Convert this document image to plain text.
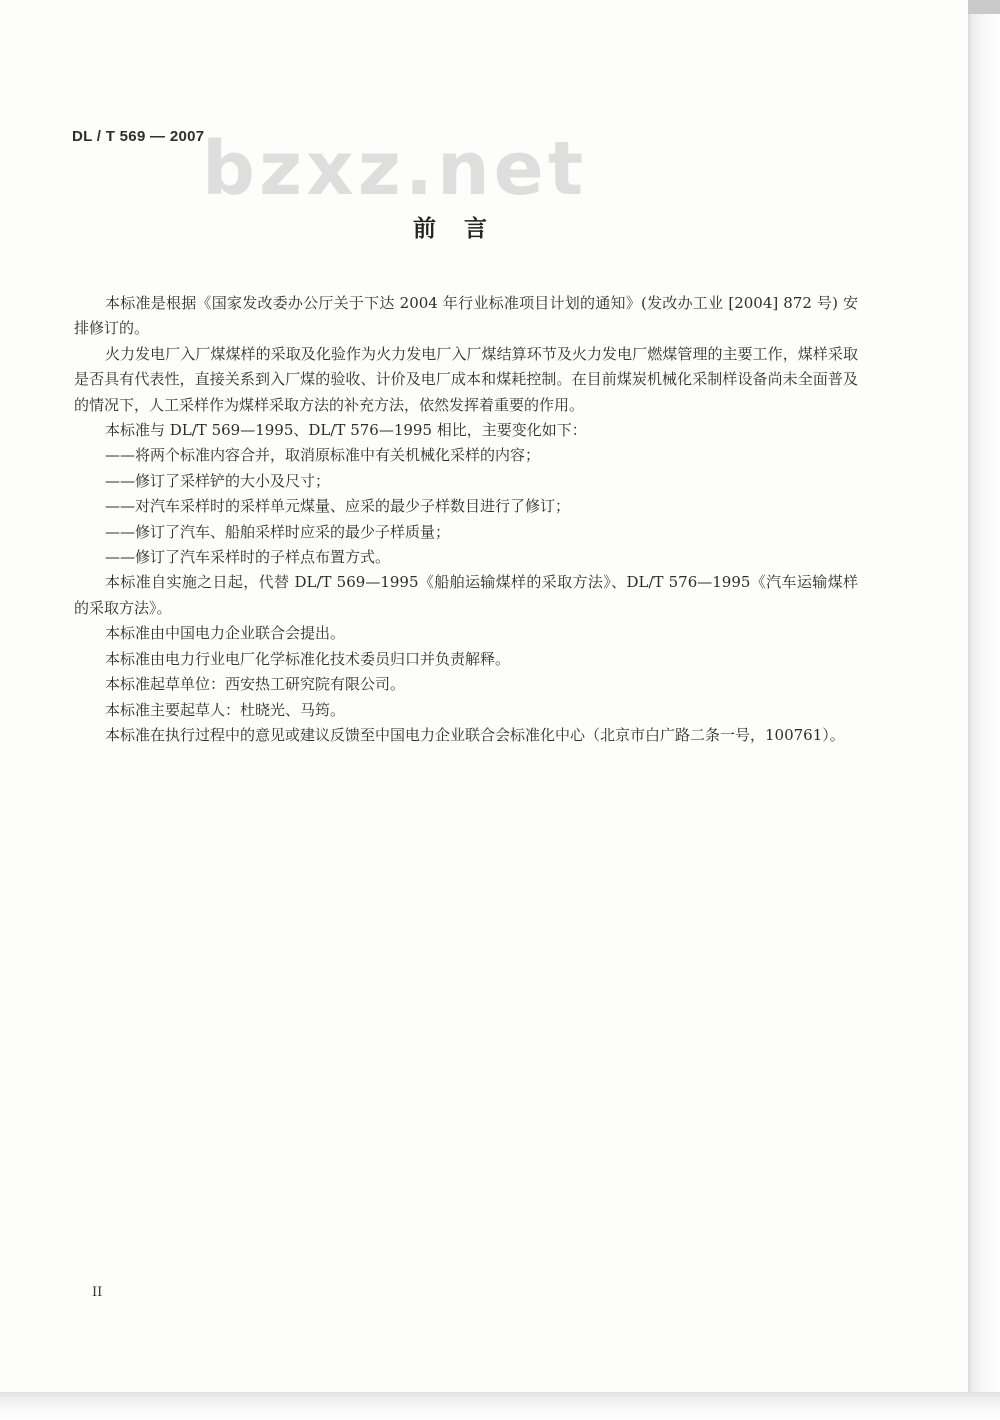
DL / T 569 — 2007
bzxz.net
前言

本标准是根据《国家发改委办公厅关于下达 2004 年行业标准项目计划的通知》(发改办工业 [2004] 872 号) 安排修订的。

火力发电厂入厂煤煤样的采取及化验作为火力发电厂入厂煤结算环节及火力发电厂燃煤管理的主要工作，煤样采取是否具有代表性，直接关系到入厂煤的验收、计价及电厂成本和煤耗控制。在目前煤炭机械化采制样设备尚未全面普及的情况下，人工采样作为煤样采取方法的补充方法，依然发挥着重要的作用。

本标准与 DL/T 569—1995、DL/T 576—1995 相比，主要变化如下：

——将两个标准内容合并，取消原标准中有关机械化采样的内容；

——修订了采样铲的大小及尺寸；

——对汽车采样时的采样单元煤量、应采的最少子样数目进行了修订；

——修订了汽车、船舶采样时应采的最少子样质量；

——修订了汽车采样时的子样点布置方式。

本标准自实施之日起，代替 DL/T 569—1995《船舶运输煤样的采取方法》、DL/T 576—1995《汽车运输煤样的采取方法》。

本标准由中国电力企业联合会提出。

本标准由电力行业电厂化学标准化技术委员归口并负责解释。

本标准起草单位：西安热工研究院有限公司。

本标准主要起草人：杜晓光、马筠。

本标准在执行过程中的意见或建议反馈至中国电力企业联合会标准化中心（北京市白广路二条一号，100761）。

II
